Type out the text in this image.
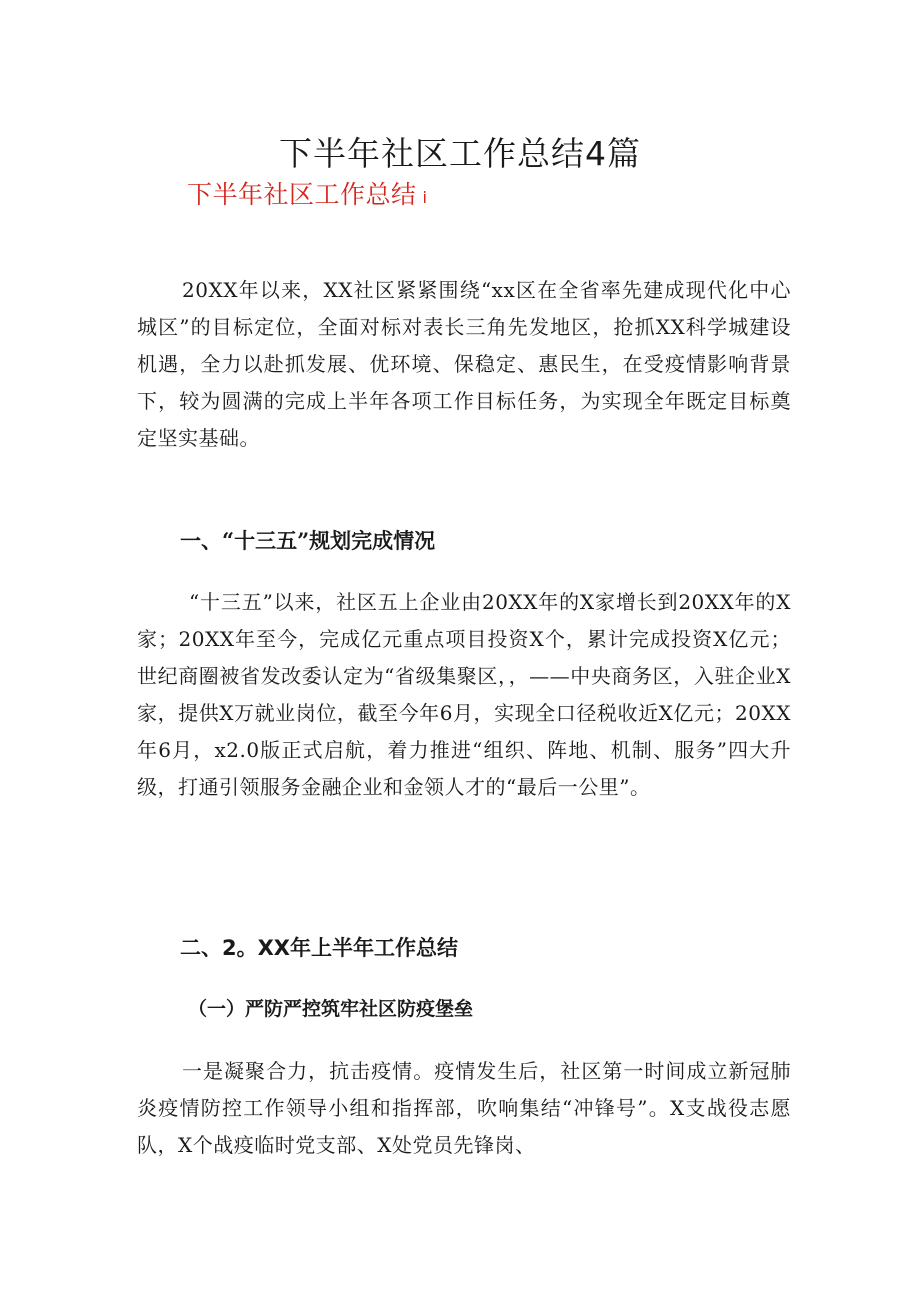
下半年社区工作总结4篇
下半年社区工作总结 i

20XX年以来，XX社区紧紧围绕“xx区在全省率先建成现代化中心城区”的目标定位，全面对标对表长三角先发地区，抢抓XX科学城建设机遇，全力以赴抓发展、优环境、保稳定、惠民生，在受疫情影响背景下，较为圆满的完成上半年各项工作目标任务，为实现全年既定目标奠定坚实基础。

一、“十三五”规划完成情况

“十三五”以来，社区五上企业由20XX年的X家增长到20XX年的X家；20XX年至今，完成亿元重点项目投资X个，累计完成投资X亿元；世纪商圈被省发改委认定为“省级集聚区，，——中央商务区，入驻企业X家，提供X万就业岗位，截至今年6月，实现全口径税收近X亿元；20XX年6月，x2.0版正式启航，着力推进“组织、阵地、机制、服务”四大升级，打通引领服务金融企业和金领人才的“最后一公里”。

二、2。XX年上半年工作总结
（一）严防严控筑牢社区防疫堡垒

一是凝聚合力，抗击疫情。疫情发生后，社区第一时间成立新冠肺炎疫情防控工作领导小组和指挥部，吹响集结“冲锋号”。X支战役志愿队，X个战疫临时党支部、X处党员先锋岗、
